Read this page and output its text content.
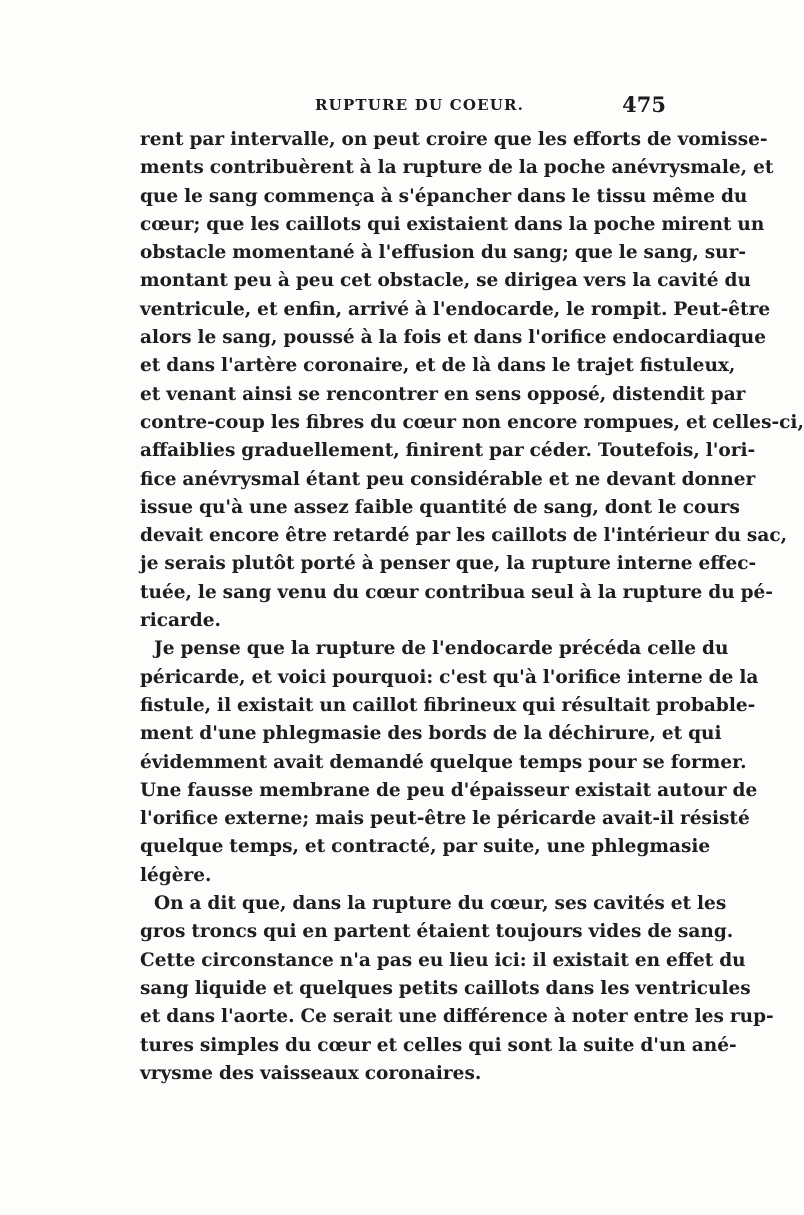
RUPTURE DU COEUR.	475
rent par intervalle, on peut croire que les efforts de vomisse-
ments contribuèrent à la rupture de la poche anévrysmale, et
que le sang commença à s'épancher dans le tissu même du
cœur; que les caillots qui existaient dans la poche mirent un
obstacle momentané à l'effusion du sang; que le sang, sur-
montant peu à peu cet obstacle, se dirigea vers la cavité du
ventricule, et enfin, arrivé à l'endocarde, le rompit. Peut-être
alors le sang, poussé à la fois et dans l'orifice endocardiaque
et dans l'artère coronaire, et de là dans le trajet fistuleux,
et venant ainsi se rencontrer en sens opposé, distendit par
contre-coup les fibres du cœur non encore rompues, et celles-ci,
affaiblies graduellement, finirent par céder. Toutefois, l'ori-
fice anévrysmal étant peu considérable et ne devant donner
issue qu'à une assez faible quantité de sang, dont le cours
devait encore être retardé par les caillots de l'intérieur du sac,
je serais plutôt porté à penser que, la rupture interne effec-
tuée, le sang venu du cœur contribua seul à la rupture du pé-
ricarde.
Je pense que la rupture de l'endocarde précéda celle du
péricarde, et voici pourquoi: c'est qu'à l'orifice interne de la
fistule, il existait un caillot fibrineux qui résultait probable-
ment d'une phlegmasie des bords de la déchirure, et qui
évidemment avait demandé quelque temps pour se former.
Une fausse membrane de peu d'épaisseur existait autour de
l'orifice externe; mais peut-être le péricarde avait-il résisté
quelque temps, et contracté, par suite, une phlegmasie
légère.
On a dit que, dans la rupture du cœur, ses cavités et les
gros troncs qui en partent étaient toujours vides de sang.
Cette circonstance n'a pas eu lieu ici: il existait en effet du
sang liquide et quelques petits caillots dans les ventricules
et dans l'aorte. Ce serait une différence à noter entre les rup-
tures simples du cœur et celles qui sont la suite d'un ané-
vrysme des vaisseaux coronaires.
